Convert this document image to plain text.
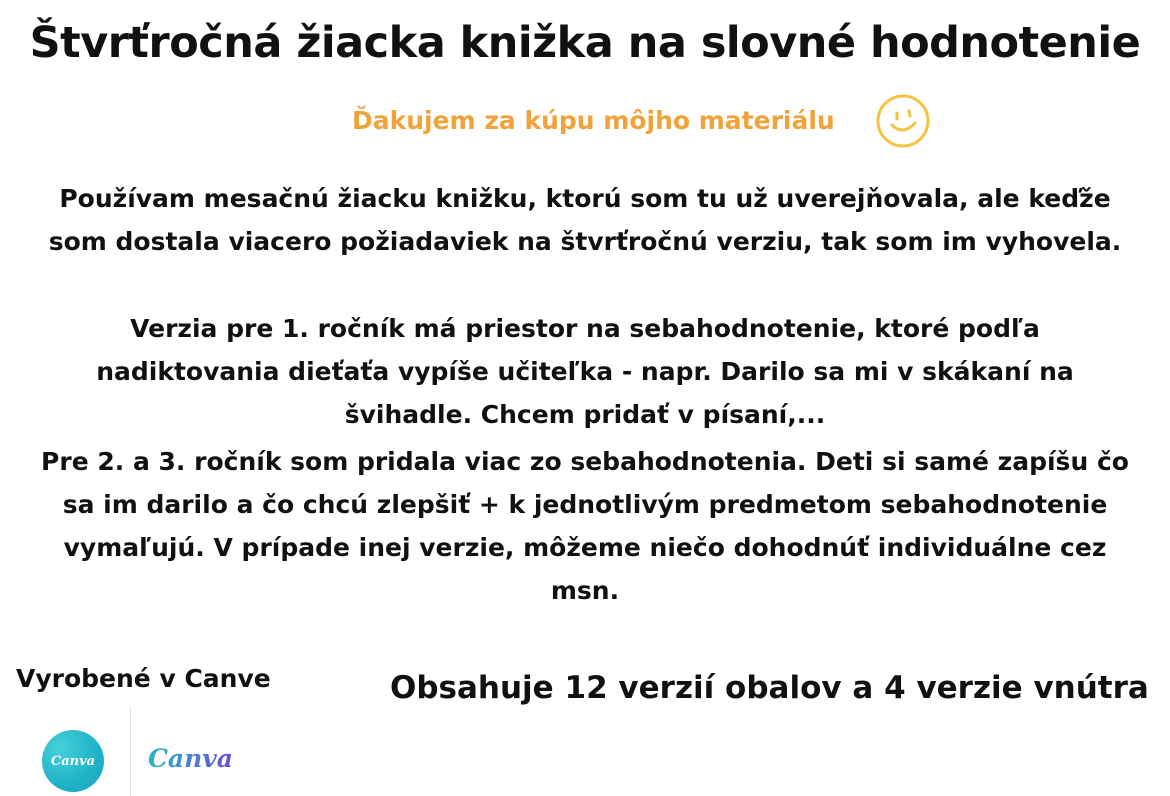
Štvrťročná žiacka knižka na slovné hodnotenie
Ďakujem za kúpu môjho materiálu
Používam mesačnú žiacku knižku, ktorú som tu už uverejňovala, ale keďže som dostala viacero požiadaviek na štvrťročnú verziu, tak som im vyhovela.
Verzia pre 1. ročník má priestor na sebahodnotenie, ktoré podľa nadiktovania dieťaťa vypíše učiteľka - napr. Darilo sa mi v skákaní na švihadle. Chcem pridať v písaní,...
Pre 2. a 3. ročník som pridala viac zo sebahodnotenia. Deti si samé zapíšu čo sa im darilo a čo chcú zlepšiť + k jednotlivým predmetom sebahodnotenie vymaľujú. V prípade inej verzie, môžeme niečo dohodnúť individuálne cez msn.
Vyrobené v Canve	Obsahuje 12 verzií obalov a 4 verzie vnútra
Canva Canva
